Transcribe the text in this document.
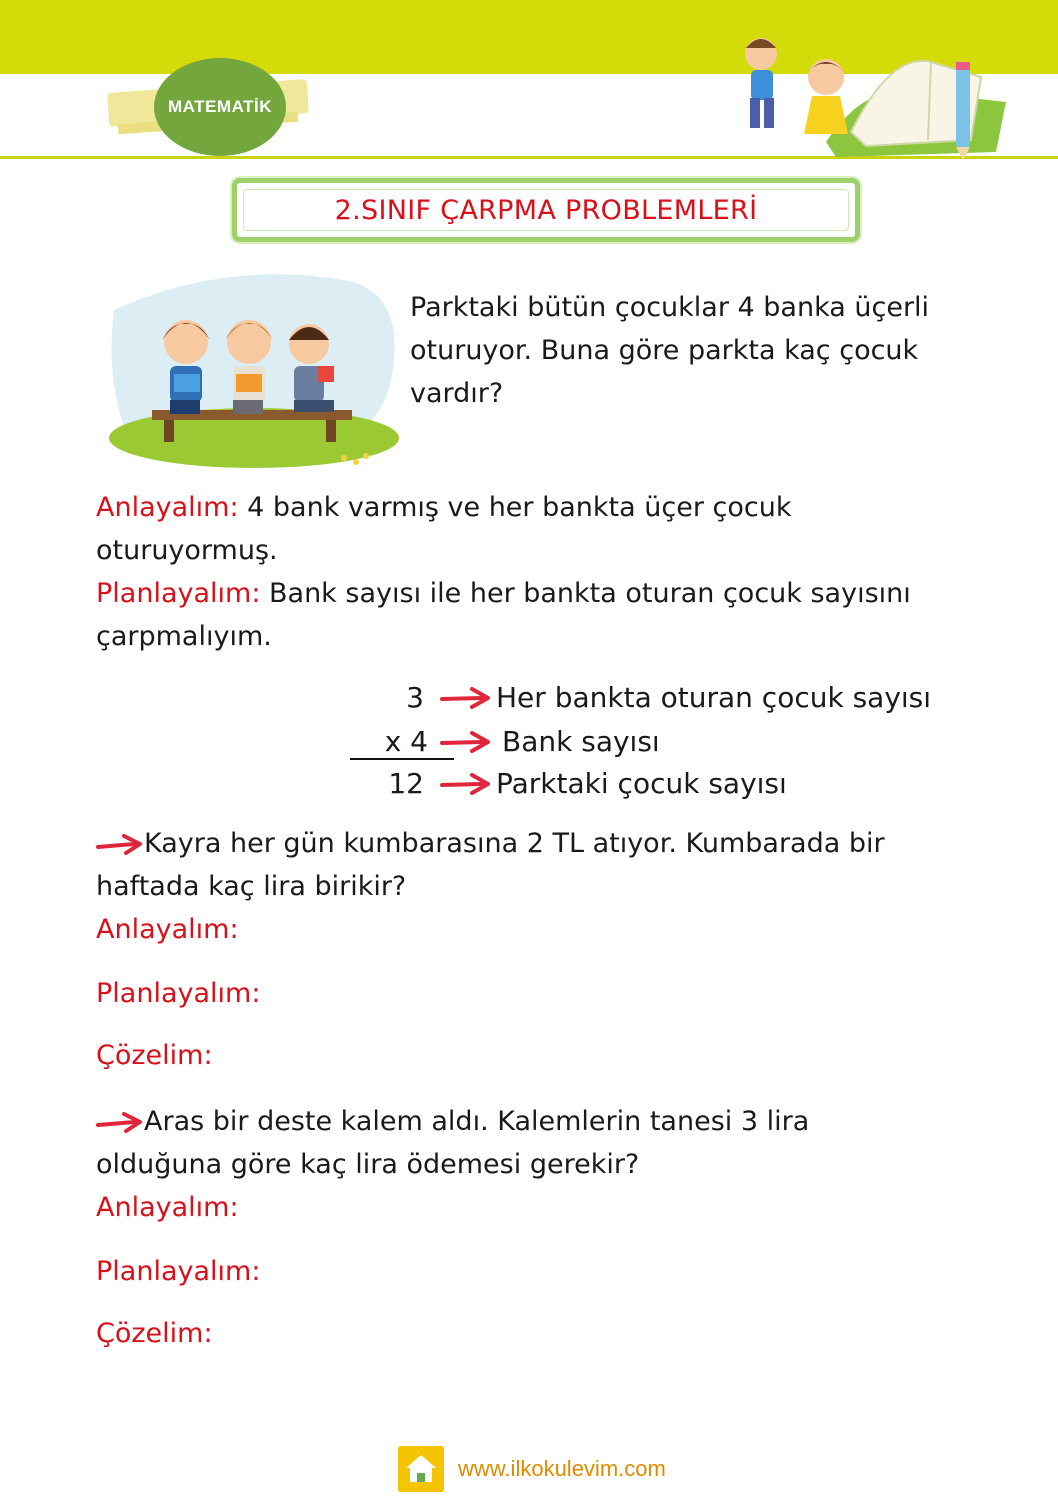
MATEMATİK
2.SINIF ÇARPMA PROBLEMLERİ
Parktaki bütün çocuklar 4 banka üçerli
oturuyor. Buna göre parkta kaç çocuk
vardır?
Anlayalım: 4 bank varmış ve her bankta üçer çocuk
oturuyormuş.
Planlayalım: Bank sayısı ile her bankta oturan çocuk sayısını
çarpmalıyım.
3	Her bankta oturan çocuk sayısı
x 4	Bank sayısı
12	Parktaki çocuk sayısı
Kayra her gün kumbarasına 2 TL atıyor. Kumbarada bir
haftada kaç lira birikir?
Anlayalım:
Planlayalım:
Çözelim:
Aras bir deste kalem aldı. Kalemlerin tanesi 3 lira
olduğuna göre kaç lira ödemesi gerekir?
Anlayalım:
Planlayalım:
Çözelim:
www.ilkokulevim.com
